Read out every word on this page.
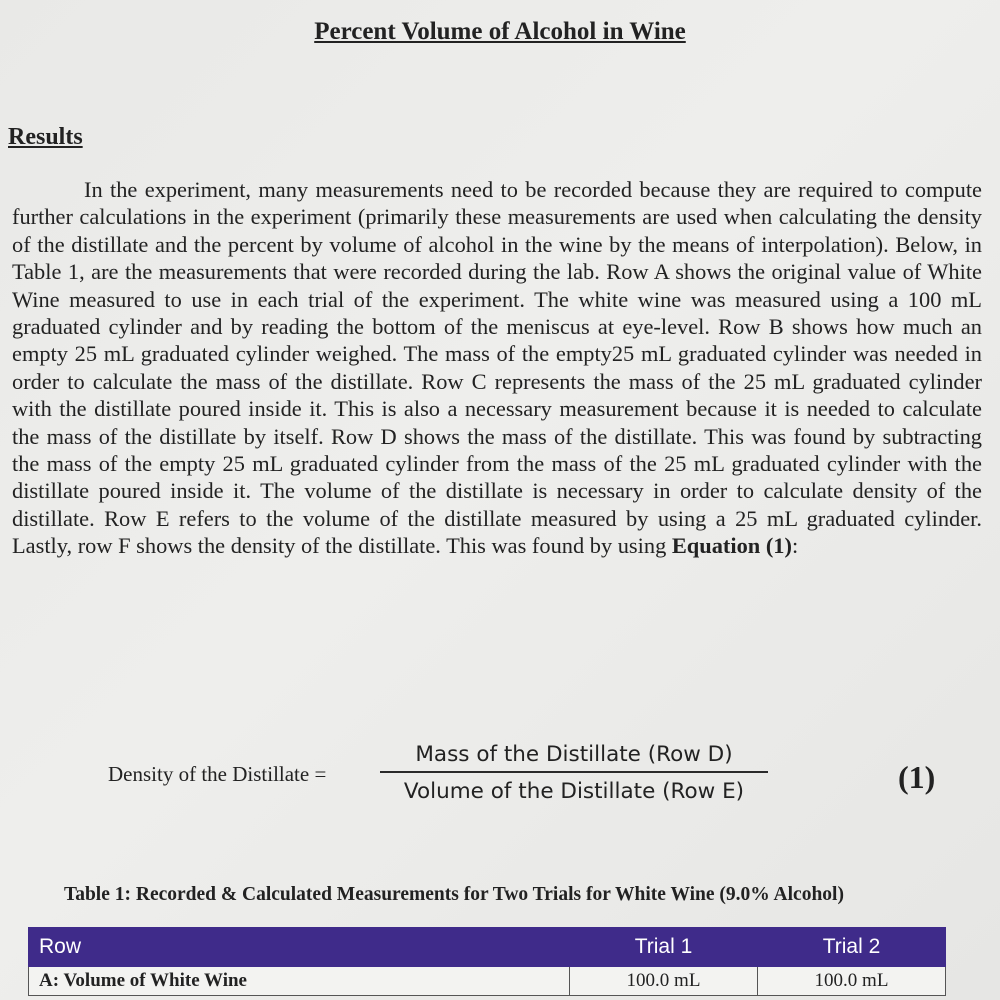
Percent Volume of Alcohol in Wine
Results

In the experiment, many measurements need to be recorded because they are required to compute further calculations in the experiment (primarily these measurements are used when calculating the density of the distillate and the percent by volume of alcohol in the wine by the means of interpolation). Below, in Table 1, are the measurements that were recorded during the lab. Row A shows the original value of White Wine measured to use in each trial of the experiment. The white wine was measured using a 100 mL graduated cylinder and by reading the bottom of the meniscus at eye-level. Row B shows how much an empty 25 mL graduated cylinder weighed. The mass of the empty25 mL graduated cylinder was needed in order to calculate the mass of the distillate. Row C represents the mass of the 25 mL graduated cylinder with the distillate poured inside it. This is also a necessary measurement because it is needed to calculate the mass of the distillate by itself. Row D shows the mass of the distillate. This was found by subtracting the mass of the empty 25 mL graduated cylinder from the mass of the 25 mL graduated cylinder with the distillate poured inside it. The volume of the distillate is necessary in order to calculate density of the distillate. Row E refers to the volume of the distillate measured by using a 25 mL graduated cylinder. Lastly, row F shows the density of the distillate. This was found by using Equation (1):

Density of the Distillate =
Mass of the Distillate (Row D)
Volume of the Distillate (Row E)	(1)
Table 1: Recorded & Calculated Measurements for Two Trials for White Wine (9.0% Alcohol)
Row	Trial 1	Trial 2
A: Volume of White Wine	100.0 mL	100.0 mL
